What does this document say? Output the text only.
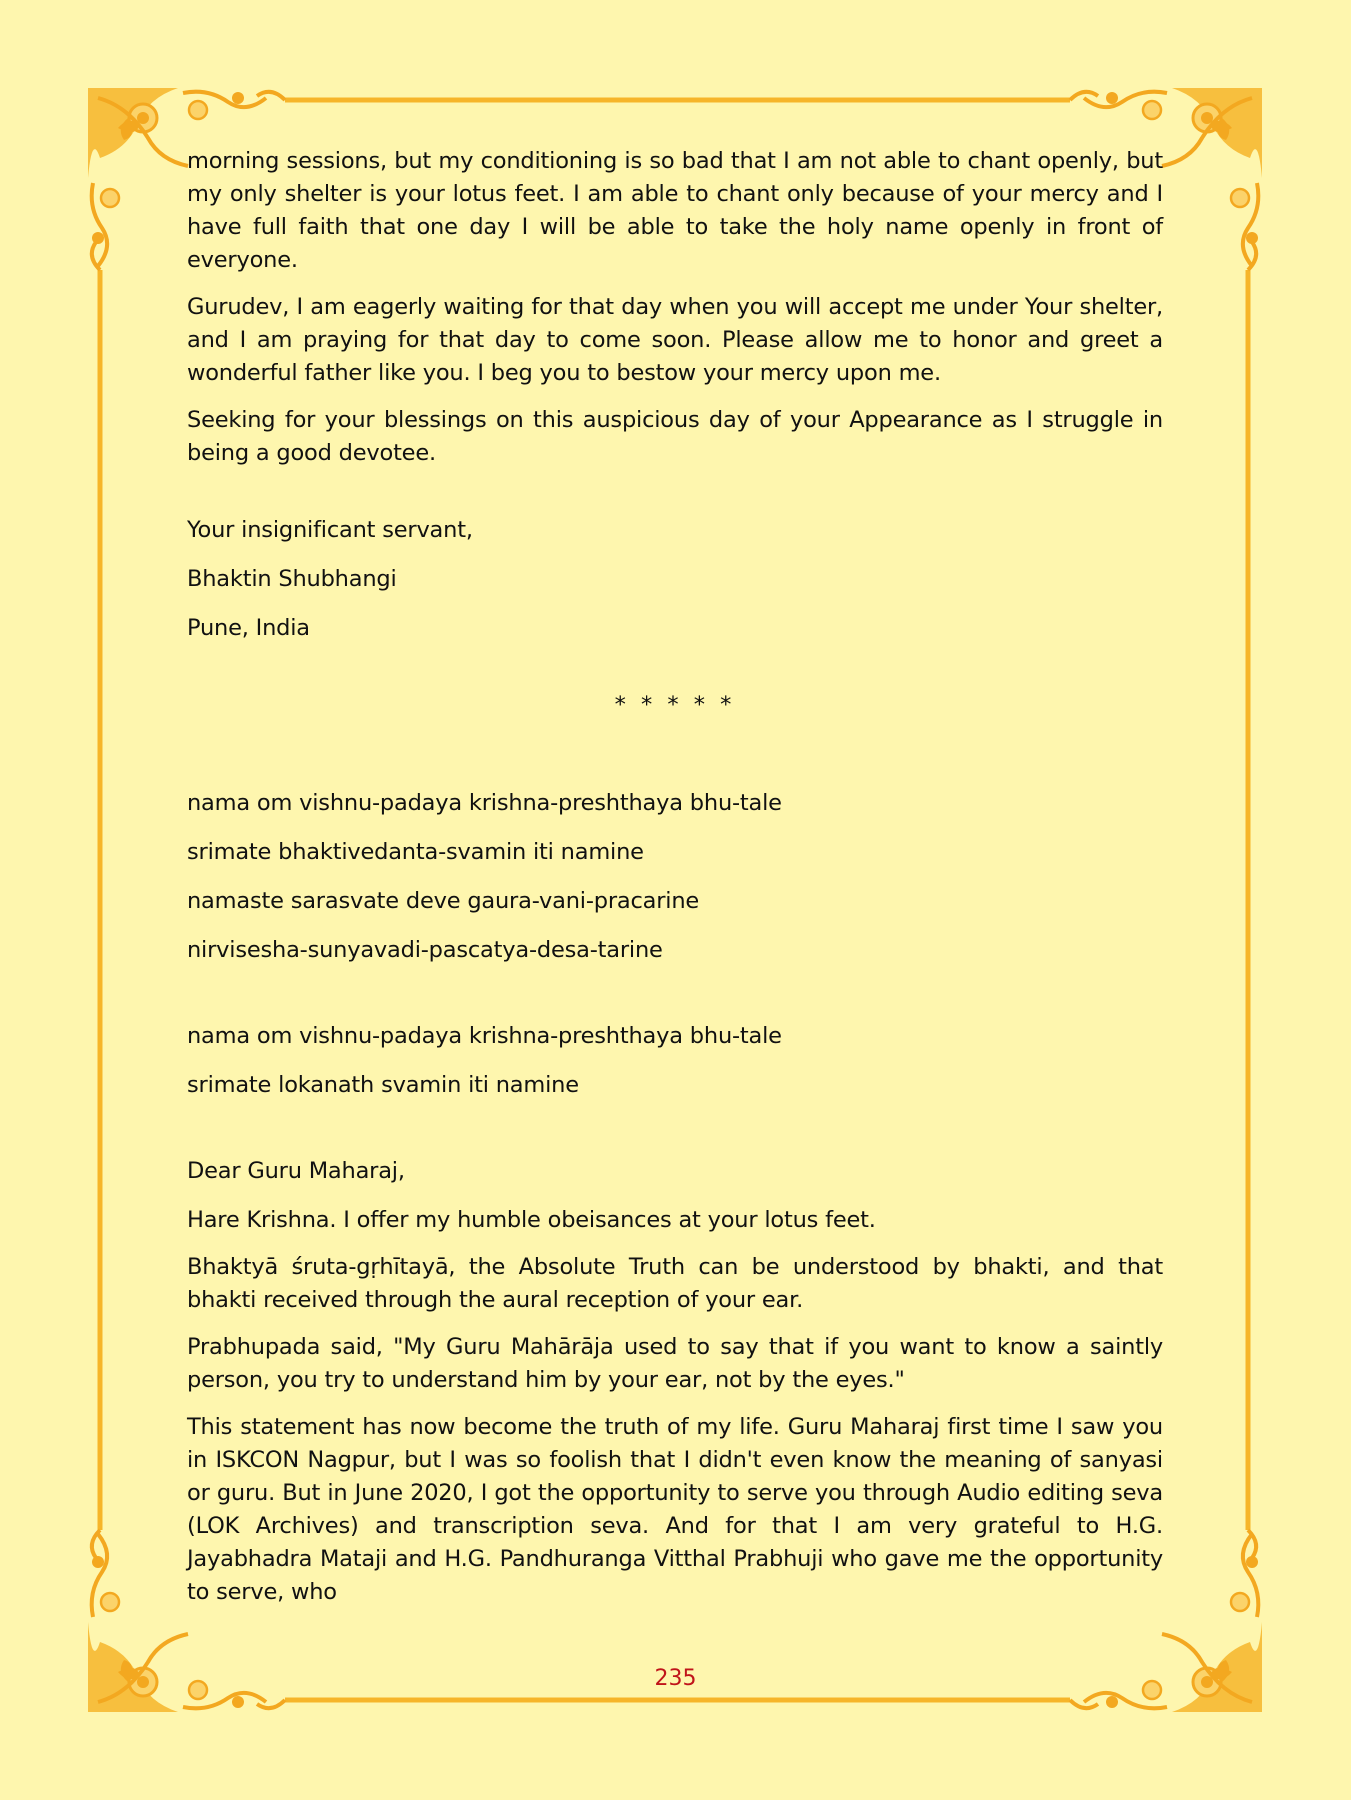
morning sessions, but my conditioning is so bad that I am not able to chant openly, but my only shelter is your lotus feet. I am able to chant only because of your mercy and I have full faith that one day I will be able to take the holy name openly in front of everyone.

Gurudev, I am eagerly waiting for that day when you will accept me under Your shelter, and I am praying for that day to come soon. Please allow me to honor and greet a wonderful father like you. I beg you to bestow your mercy upon me.

Seeking for your blessings on this auspicious day of your Appearance as I struggle in being a good devotee.

Your insignificant servant,

Bhaktin Shubhangi

Pune, India

* * * * *

nama om vishnu-padaya krishna-preshthaya bhu-tale

srimate bhaktivedanta-svamin iti namine

namaste sarasvate deve gaura-vani-pracarine

nirvisesha-sunyavadi-pascatya-desa-tarine

nama om vishnu-padaya krishna-preshthaya bhu-tale

srimate lokanath svamin iti namine

Dear Guru Maharaj,

Hare Krishna. I offer my humble obeisances at your lotus feet.

Bhaktyā śruta-gṛhītayā, the Absolute Truth can be understood by bhakti, and that bhakti received through the aural reception of your ear.

Prabhupada said, "My Guru Mahārāja used to say that if you want to know a saintly person, you try to understand him by your ear, not by the eyes."

This statement has now become the truth of my life. Guru Maharaj first time I saw you in ISKCON Nagpur, but I was so foolish that I didn't even know the meaning of sanyasi or guru. But in June 2020, I got the opportunity to serve you through Audio editing seva (LOK Archives) and transcription seva. And for that I am very grateful to H.G. Jayabhadra Mataji and H.G. Pandhuranga Vitthal Prabhuji who gave me the opportunity to serve, who

235
